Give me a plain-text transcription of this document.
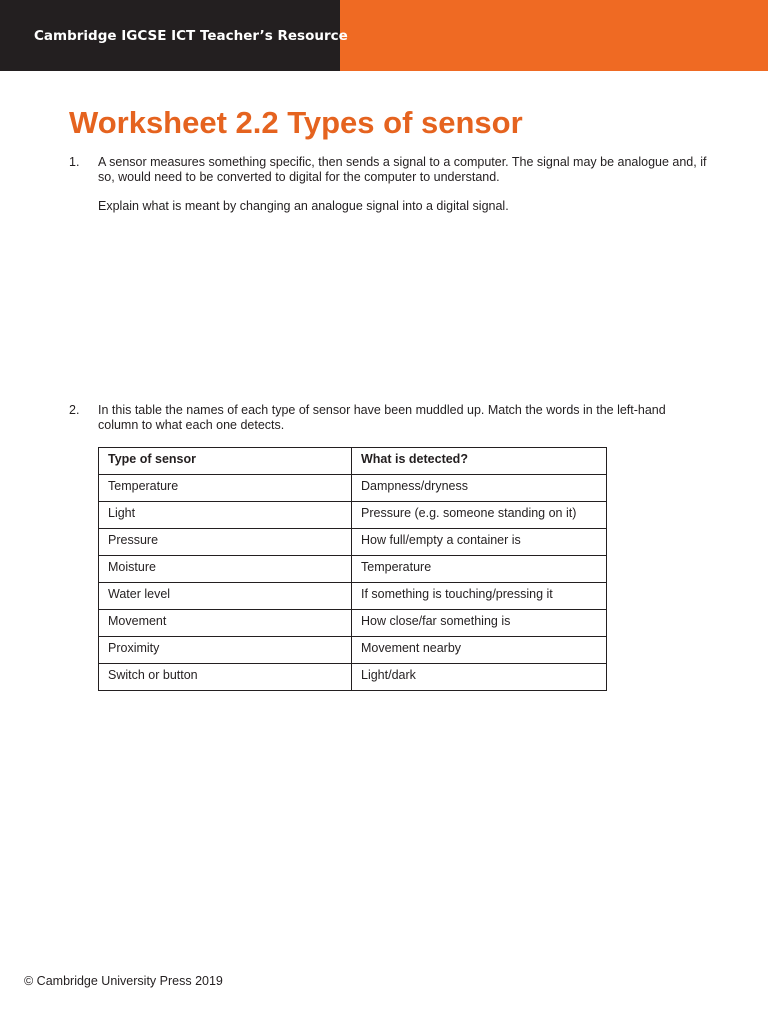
Cambridge IGCSE ICT Teacher’s Resource
Worksheet 2.2 Types of sensor
1. A sensor measures something specific, then sends a signal to a computer. The signal may be analogue and, if so, would need to be converted to digital for the computer to understand.
Explain what is meant by changing an analogue signal into a digital signal.
2. In this table the names of each type of sensor have been muddled up. Match the words in the left-hand column to what each one detects.
Type of sensor	What is detected?
Temperature	Dampness/dryness
Light	Pressure (e.g. someone standing on it)
Pressure	How full/empty a container is
Moisture	Temperature
Water level	If something is touching/pressing it
Movement	How close/far something is
Proximity	Movement nearby
Switch or button	Light/dark
© Cambridge University Press 2019
